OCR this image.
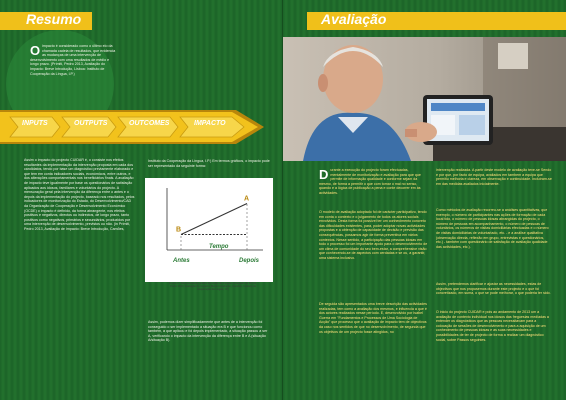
Resumo
Oimpacto é considerado como o último elo da chamada cadeia de resultados, que evidencia as mudanças de uma intervenção de desenvolvimento com uma resultados de médio e longo prazo. (Prímiti, Pedro 2013, Avaliação do Impacto: Breve Introdução, Lisboa: Instituto de Cooperação da Língua, I.P.)
INPUTS	OUTPUTS	OUTCOMES	IMPACTO
Assim o impacto do projecto CUIDAR é, o consiste nos efeitos resultantes da implementação da intervenção proposta em cada dos candidatos, tendo por base um diagnóstico previamente elaborado e que tem em conta indicadores sociais, económicos, entre outros, e dos alterações comportamentais nos beneficiários finais. A avaliação de impacto teve igualmente por base os questionários de satisfação aplicados aos idosos, familiares e voluntários do projecto. A mensuração geral pela intervenção da diferença entre o antes e o depois da implementação do projecto, baseado nos resultados, pelos indicadores de monitorização do Estado, do Desenvolvimento/CAD da Organização de Cooperação e Desenvolvimento Económico (OCDE) o impacto é definido, da forma abrangente, nos efeitos positivos e negativos, directos ou indirectos, de longo prazo, tanto positivos como negativos, primários e secundários, produzidos por uma intervenção de desenvolvimento, previstos ou não. (in Prímiti, Pedro 2013, Avaliação de Impacto: Breve Introdução, Camões,
Instituto da Cooperação da Língua, I.P.) Em termos gráficos, o impacto pode ser representado da seguinte forma:
B
A
Antes	Depois
Tempo
Figura 3 - Representação gráfica da noção de impacto (Adaptado de Prímiti, Pedro 2013, Avaliação de Impacto: Breve Introdução, Camões, Instituto da Cooperação da Língua, I.P.)
Assim, podemos dizer simplificadamente que antes de a intervenção foi conseguido o ser implementado a situação era B e que funcionou como também, a que aplicou e foi depois implementado, a situação passou a ser A, verificando o impacto da intervenção da diferença entre B e A (situação A/situação B).
Avaliação
Durante a execução do projecto foram efectuadas, mentalmente de monitorização e avaliação para que que permite de informação qualidade e conforme sejam da mesmo, de forma a permitir o que com tomar o mal no senso, quando e a lógica de publicação a pena e conte decorrer em às actividades.
O modelo de avaliação adoptado foi de carácter participativo, tendo em conta o contexto e o julgamento de todos os atores sociais envolvidos. Desta forma foi possível ter um conhecimento concreto das dificuldades existentes, para, poder adoptar novas actividades propostas e a obtenção de capacidade de decisão e previsão das consequências, possamos agir de forma preventiva em vários contextos. Nesse sentido, a participação das pessoas idosas em todo o processo foi um importante apoio para o desenvolvimento de um clima de comunidade do seu bem-estar, a comprehensive visão que conhecendo-se de aspectos com cerdadas e se ou, a garantir, uma sistema inclusivo.
De seguida são apresentados uma breve descrição das actividades realizadas, tem como a avaliação dos mesmos, e influencia a que é dos actores realizados nesse período. E, desenvolvido por Isabel Guerra em "Fundamentos e Processos de Uma Sociologia de Acção" que processo que o avaliação de impacto tem de objectivos da caso nos sentidos de que no desenvolvimento, de segunda que os objetivos de um projecto fosse atingidos, no
intervenção realizada. A partir deste modelo de avaliação teve-se Sendo e por que, por facto de equipa, avaliados em tambem a equipa que permitiu melhoria e clareza, em observação e continuidade. Incluíram-se em das medidas avaliados inicialmente.
Como métodos de avaliação recorreu-se a análises quantitativas, que exemplo, o número de participantes nas ações de formação de cada local tido, o número de pessoas idosas abrangidas do projecto, o número de pessoas em acompanhamento, o número de pessoas de voluntários, os números de visitas domiciliárias efectuadas e o número de visitas domiciliárias de voluntariado, etc. - e a análise qualitativa (observação directa, reflexão em grupo, entrevistas e questionários, etc.) - também com questionário de satisfação de avaliação qualidade das actividades, etc.).
Assim, pretendemos clarificar e ajustar as necessidades, estas de objectivos que nos propusemos durante este projecto e o que foi concretizado, em suma, o que se pode melhorar, o que poderia ter sido.
O inicio do projecto CUIDAR e pois ao andamento de 2013 um a avaliação de contexto individual nos idosos das freguesias mediadas a entender os diagnósticos que as pessoas necessitavam para a colocação de sessões de desenvolvimento e para a aquisição de um conhecimento de pessoas idosas e as suas necessidades e possibilidades de ter de projecto de forma a realizar um diagnóstico social, sobre Passos seguintes.
